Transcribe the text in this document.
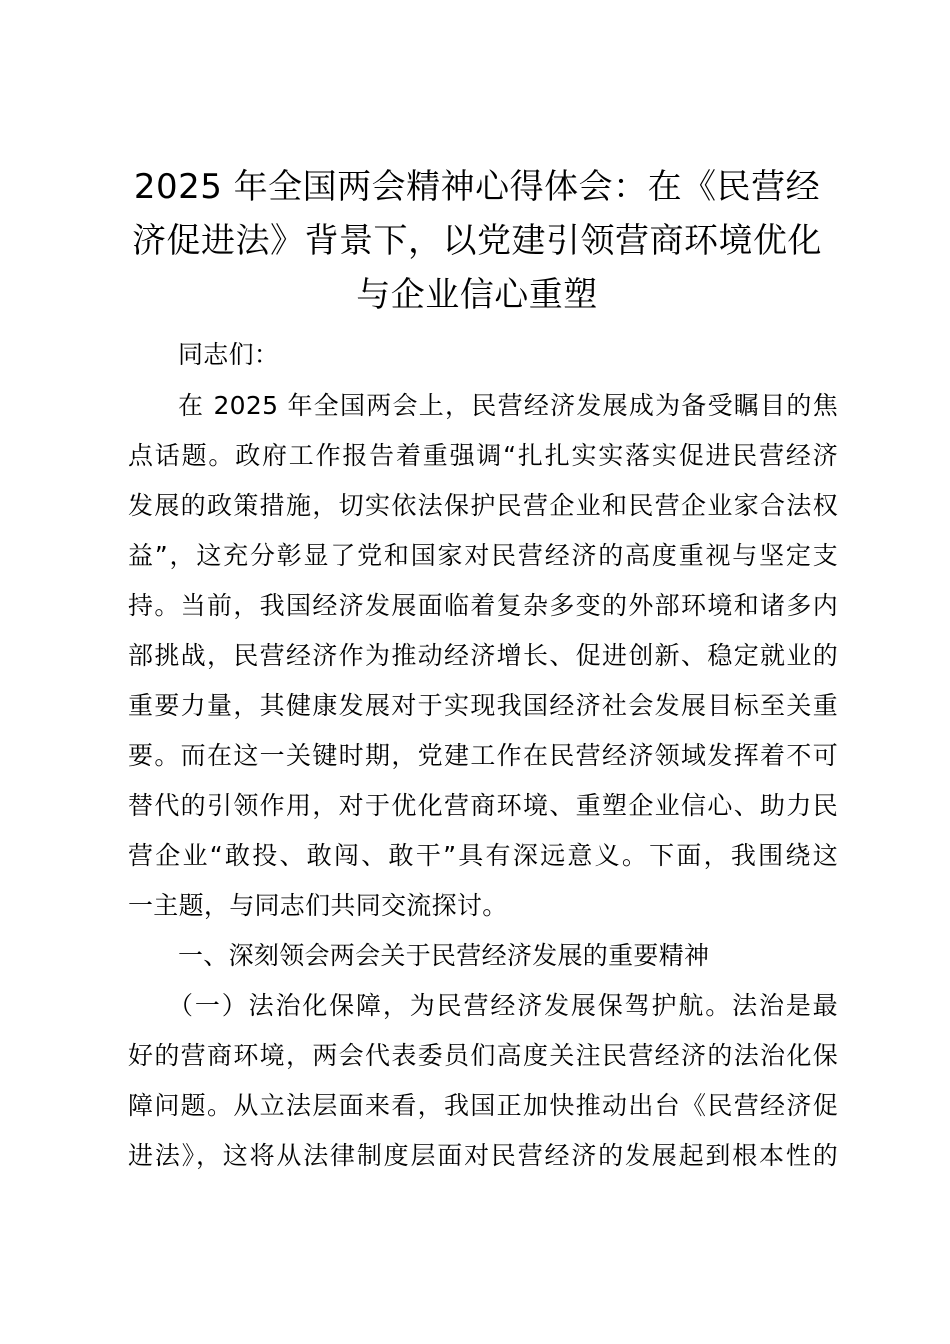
2025 年全国两会精神心得体会：在《民营经
济促进法》背景下，以党建引领营商环境优化
与企业信心重塑

同志们：

在 2025 年全国两会上，民营经济发展成为备受瞩目的焦

点话题。政府工作报告着重强调“扎扎实实落实促进民营经济

发展的政策措施，切实依法保护民营企业和民营企业家合法权

益”，这充分彰显了党和国家对民营经济的高度重视与坚定支

持。当前，我国经济发展面临着复杂多变的外部环境和诸多内

部挑战，民营经济作为推动经济增长、促进创新、稳定就业的

重要力量，其健康发展对于实现我国经济社会发展目标至关重

要。而在这一关键时期，党建工作在民营经济领域发挥着不可

替代的引领作用，对于优化营商环境、重塑企业信心、助力民

营企业“敢投、敢闯、敢干”具有深远意义。下面，我围绕这

一主题，与同志们共同交流探讨。

一、深刻领会两会关于民营经济发展的重要精神

（一）法治化保障，为民营经济发展保驾护航。法治是最

好的营商环境，两会代表委员们高度关注民营经济的法治化保

障问题。从立法层面来看，我国正加快推动出台《民营经济促

进法》，这将从法律制度层面对民营经济的发展起到根本性的
